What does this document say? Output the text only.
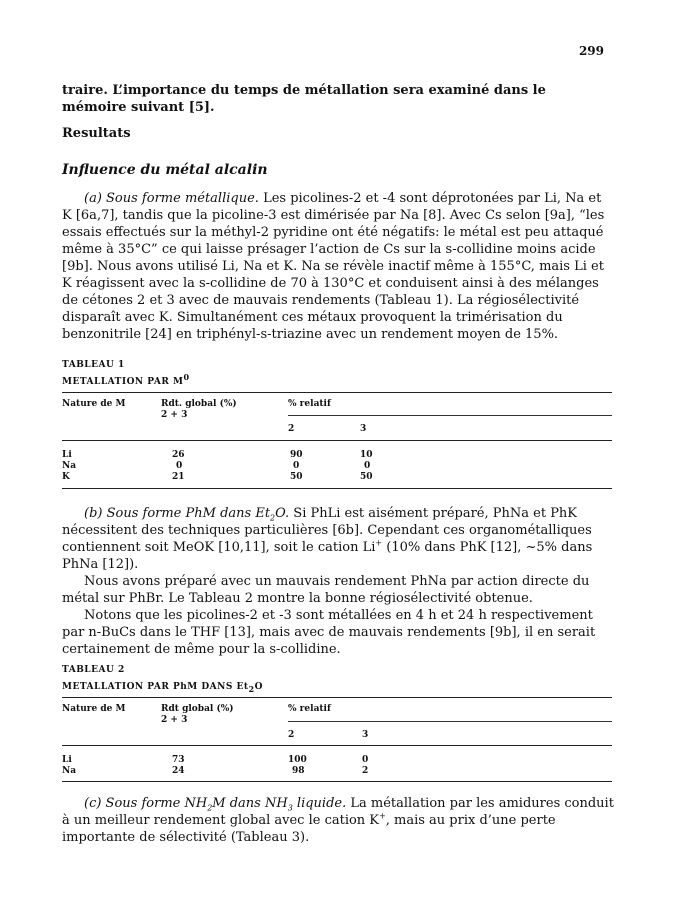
299
traire. L’importance du temps de métallation sera examiné dans le mémoire suivant [5].
Resultats
Influence du métal alcalin
(a) Sous forme métallique. Les picolines-2 et -4 sont déprotonées par Li, Na et K [6a,7], tandis que la picoline-3 est dimérisée par Na [8]. Avec Cs selon [9a], “les essais effectués sur la méthyl-2 pyridine ont été négatifs: le métal est peu attaqué même à 35°C” ce qui laisse présager l’action de Cs sur la s-collidine moins acide [9b]. Nous avons utilisé Li, Na et K. Na se révèle inactif même à 155°C, mais Li et K réagissent avec la s-collidine de 70 à 130°C et conduisent ainsi à des mélanges de cétones 2 et 3 avec de mauvais rendements (Tableau 1). La régiosélectivité disparaît avec K. Simultanément ces métaux provoquent la trimérisation du benzonitrile [24] en triphényl-s-triazine avec un rendement moyen de 15%.
TABLEAU 1
METALLATION PAR $M^0$
Nature de M	Rdt. global (%)
2 + 3
% relatif
2	3
Li	26	90	10
Na	0	0	0
K	21	50	50
(b) Sous forme PhM dans $Et_2O$. Si PhLi est aisément préparé, PhNa et PhK nécessitent des techniques particulières [6b]. Cependant ces organométalliques contiennent soit MeOK [10,11], soit le cation Li+ (10% dans PhK [12], ~5% dans PhNa [12]).
Nous avons préparé avec un mauvais rendement PhNa par action directe du métal sur PhBr. Le Tableau 2 montre la bonne régiosélectivité obtenue.
Notons que les picolines-2 et -3 sont métallées en 4 h et 24 h respectivement par n-BuCs dans le THF [13], mais avec de mauvais rendements [9b], il en serait certainement de même pour la s-collidine.
TABLEAU 2
METALLATION PAR PhM DANS $Et_2O$
Nature de M	Rdt global (%)
2 + 3
% relatif
2	3
Li	73	100	0
Na	24	98	2
(c) Sous forme $NH_2M$ dans $NH_3$ liquide. La métallation par les amidures conduit à un meilleur rendement global avec le cation K+, mais au prix d’une perte importante de sélectivité (Tableau 3).
